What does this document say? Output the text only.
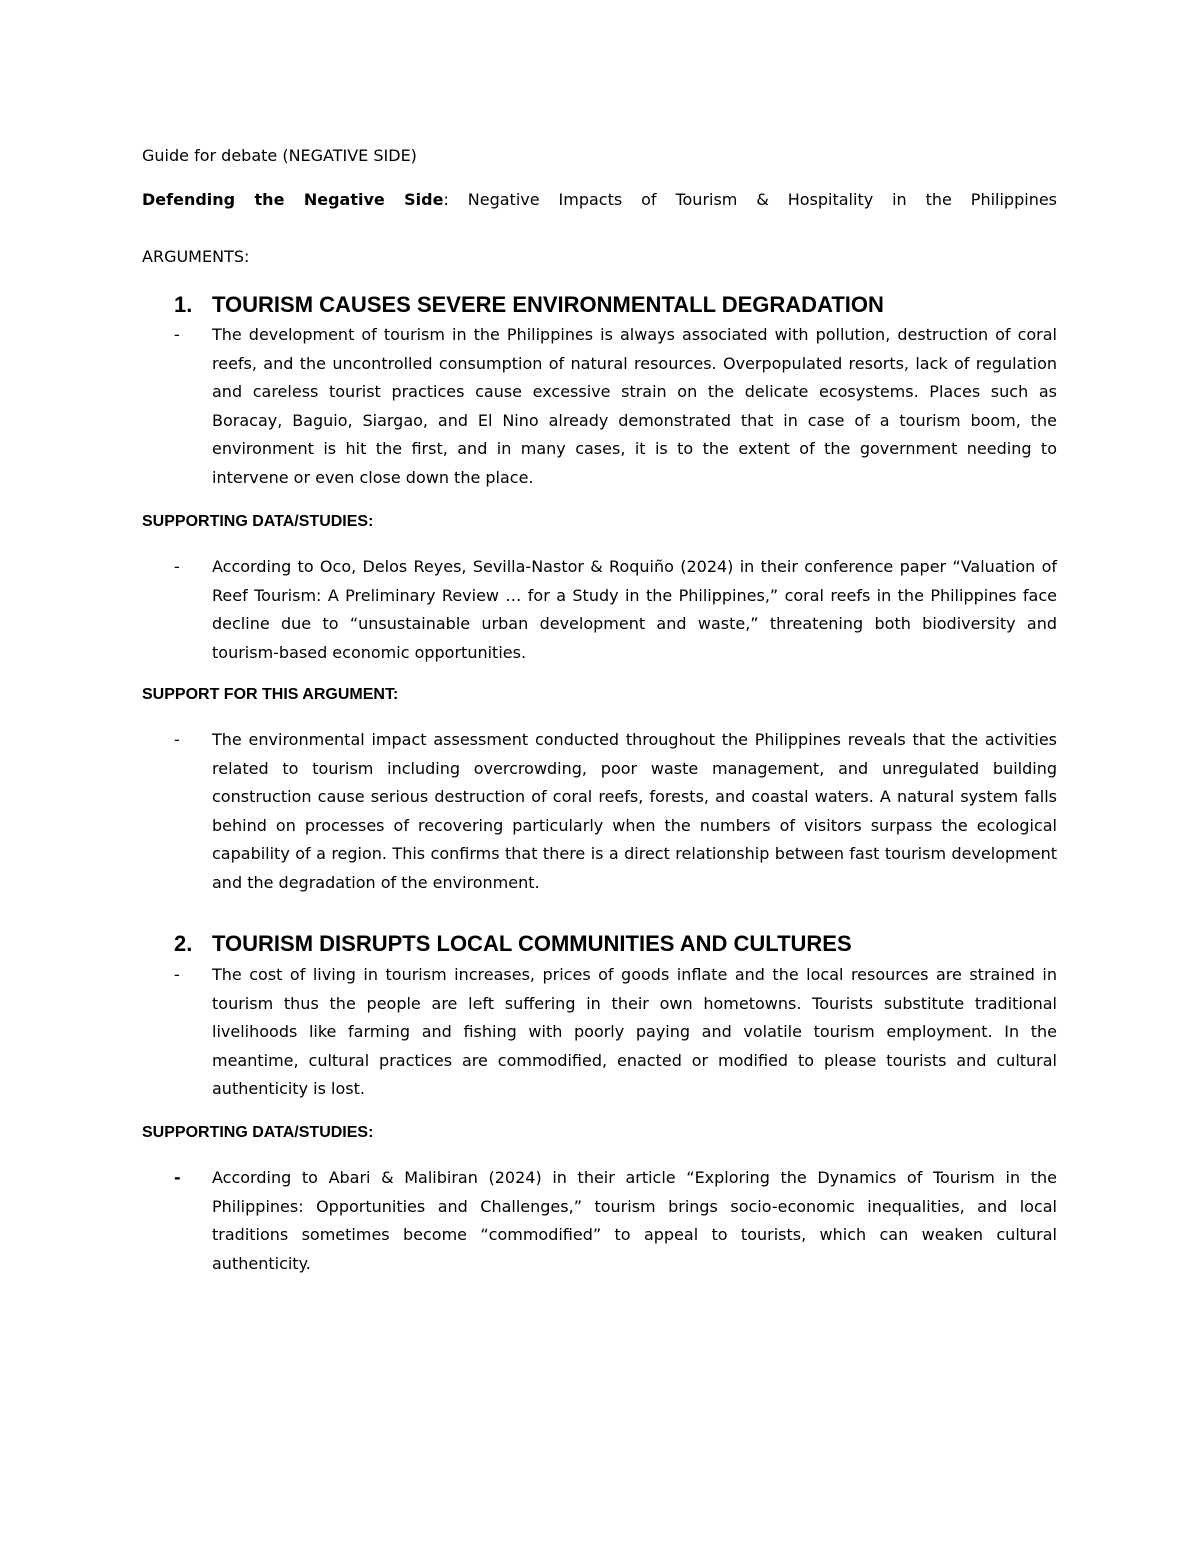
Guide for debate (NEGATIVE SIDE)
Defending the Negative Side: Negative Impacts of Tourism & Hospitality in the Philippines
ARGUMENTS:
1. TOURISM CAUSES SEVERE ENVIRONMENTALL DEGRADATION
- The development of tourism in the Philippines is always associated with pollution, destruction of coral reefs, and the uncontrolled consumption of natural resources. Overpopulated resorts, lack of regulation and careless tourist practices cause excessive strain on the delicate ecosystems. Places such as Boracay, Baguio, Siargao, and El Nino already demonstrated that in case of a tourism boom, the environment is hit the first, and in many cases, it is to the extent of the government needing to intervene or even close down the place.
SUPPORTING DATA/STUDIES:
- According to Oco, Delos Reyes, Sevilla-Nastor & Roquiño (2024) in their conference paper “Valuation of Reef Tourism: A Preliminary Review … for a Study in the Philippines,” coral reefs in the Philippines face decline due to “unsustainable urban development and waste,” threatening both biodiversity and tourism-based economic opportunities.
SUPPORT FOR THIS ARGUMENT:
- The environmental impact assessment conducted throughout the Philippines reveals that the activities related to tourism including overcrowding, poor waste management, and unregulated building construction cause serious destruction of coral reefs, forests, and coastal waters. A natural system falls behind on processes of recovering particularly when the numbers of visitors surpass the ecological capability of a region. This confirms that there is a direct relationship between fast tourism development and the degradation of the environment.
2. TOURISM DISRUPTS LOCAL COMMUNITIES AND CULTURES
- The cost of living in tourism increases, prices of goods inflate and the local resources are strained in tourism thus the people are left suffering in their own hometowns. Tourists substitute traditional livelihoods like farming and fishing with poorly paying and volatile tourism employment. In the meantime, cultural practices are commodified, enacted or modified to please tourists and cultural authenticity is lost.
SUPPORTING DATA/STUDIES:
- According to Abari & Malibiran (2024) in their article “Exploring the Dynamics of Tourism in the Philippines: Opportunities and Challenges,” tourism brings socio-economic inequalities, and local traditions sometimes become “commodified” to appeal to tourists, which can weaken cultural authenticity.
